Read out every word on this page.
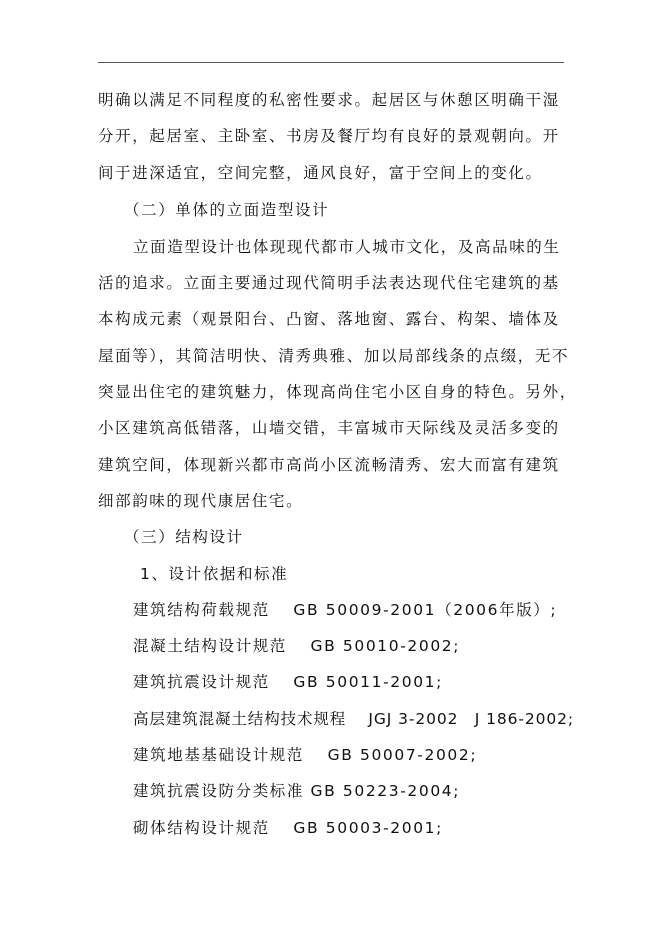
明确以满足不同程度的私密性要求。起居区与休憩区明确干湿
分开，起居室、主卧室、书房及餐厅均有良好的景观朝向。开
间于进深适宜，空间完整，通风良好，富于空间上的变化。
（二）单体的立面造型设计
立面造型设计也体现现代都市人城市文化，及高品味的生
活的追求。立面主要通过现代简明手法表达现代住宅建筑的基
本构成元素（观景阳台、凸窗、落地窗、露台、构架、墙体及
屋面等），其简洁明快、清秀典雅、加以局部线条的点缀，无不
突显出住宅的建筑魅力，体现高尚住宅小区自身的特色。另外，
小区建筑高低错落，山墙交错，丰富城市天际线及灵活多变的
建筑空间，体现新兴都市高尚小区流畅清秀、宏大而富有建筑
细部韵味的现代康居住宅。
（三）结构设计
1、设计依据和标准
建筑结构荷载规范　 GB 50009-2001（2006年版）;
混凝土结构设计规范　 GB 50010-2002;
建筑抗震设计规范　 GB 50011-2001;
高层建筑混凝土结构技术规程　 JGJ 3-2002　J 186-2002;
建筑地基基础设计规范　 GB 50007-2002;
建筑抗震设防分类标准 GB 50223-2004;
砌体结构设计规范　 GB 50003-2001;
